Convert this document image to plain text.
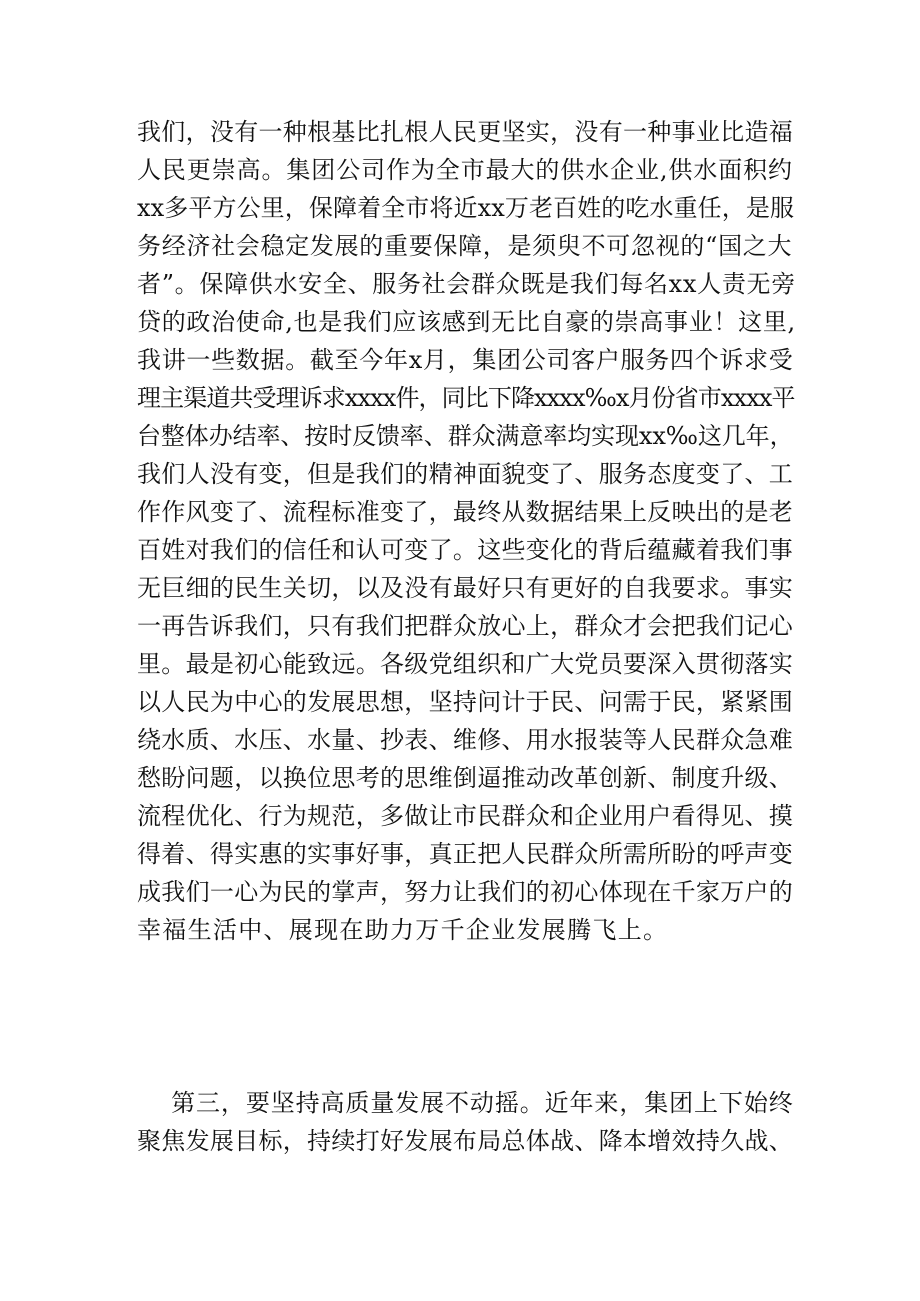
我们，没有一种根基比扎根人民更坚实，没有一种事业比造福
人民更崇高。集团公司作为全市最大的供水企业,供水面积约
xx多平方公里，保障着全市将近xx万老百姓的吃水重任，是服
务经济社会稳定发展的重要保障，是须臾不可忽视的“国之大
者”。保障供水安全、服务社会群众既是我们每名xx人责无旁
贷的政治使命,也是我们应该感到无比自豪的崇高事业！这里,
我讲一些数据。截至今年x月，集团公司客户服务四个诉求受
理主渠道共受理诉求xxxx件，同比下降xxxx‰x月份省市xxxx平
台整体办结率、按时反馈率、群众满意率均实现xx‰这几年，
我们人没有变，但是我们的精神面貌变了、服务态度变了、工
作作风变了、流程标准变了，最终从数据结果上反映出的是老
百姓对我们的信任和认可变了。这些变化的背后蕴藏着我们事
无巨细的民生关切，以及没有最好只有更好的自我要求。事实
一再告诉我们，只有我们把群众放心上，群众才会把我们记心
里。最是初心能致远。各级党组织和广大党员要深入贯彻落实
以人民为中心的发展思想，坚持问计于民、问需于民，紧紧围
绕水质、水压、水量、抄表、维修、用水报装等人民群众急难
愁盼问题，以换位思考的思维倒逼推动改革创新、制度升级、
流程优化、行为规范，多做让市民群众和企业用户看得见、摸
得着、得实惠的实事好事，真正把人民群众所需所盼的呼声变
成我们一心为民的掌声，努力让我们的初心体现在千家万户的
幸福生活中、展现在助力万千企业发展腾飞上。
第三，要坚持高质量发展不动摇。近年来，集团上下始终
聚焦发展目标，持续打好发展布局总体战、降本增效持久战、
